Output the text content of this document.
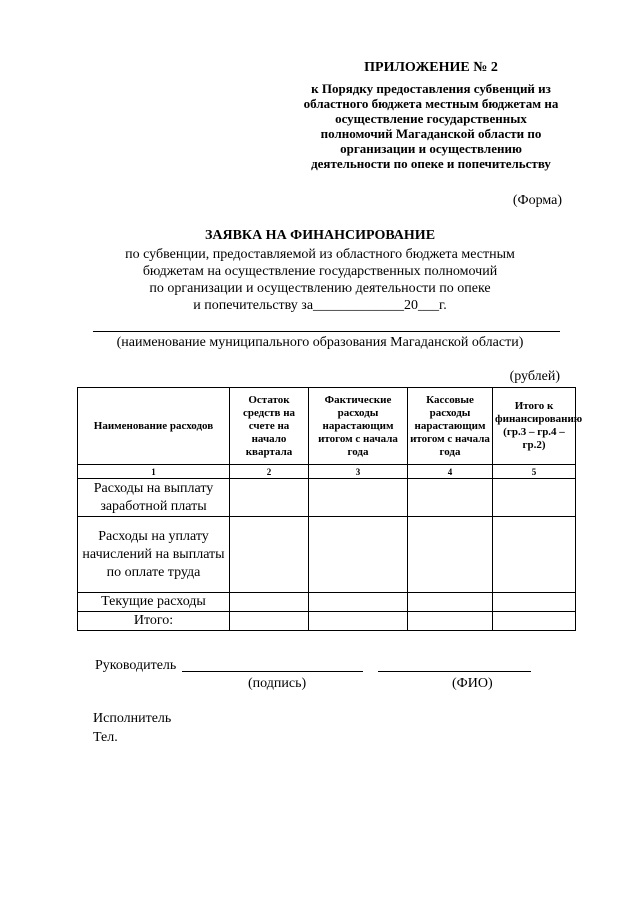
ПРИЛОЖЕНИЕ № 2
к Порядку предоставления субвенций из областного бюджета местным бюджетам на осуществление государственных полномочий Магаданской области по организации и осуществлению деятельности по опеке и попечительству
(Форма)
ЗАЯВКА НА ФИНАНСИРОВАНИЕ
по субвенции, предоставляемой из областного бюджета местным
бюджетам на осуществление государственных полномочий
по организации и осуществлению деятельности по опеке
и попечительству за_____________20___г.
(наименование муниципального образования Магаданской области)
(рублей)
Наименование расходов	Остаток средств на счете на начало квартала	Фактические расходы нарастающим итогом с начала года	Кассовые расходы нарастающим итогом с начала года	Итого к финансированию (гр.3 – гр.4 – гр.2)
1	2	3	4	5
Расходы на выплату заработной платы				
Расходы на уплату начислений на выплаты по оплате труда				
Текущие расходы				
Итого:				
Руководитель
(подпись)	(ФИО)
Исполнитель
Тел.
